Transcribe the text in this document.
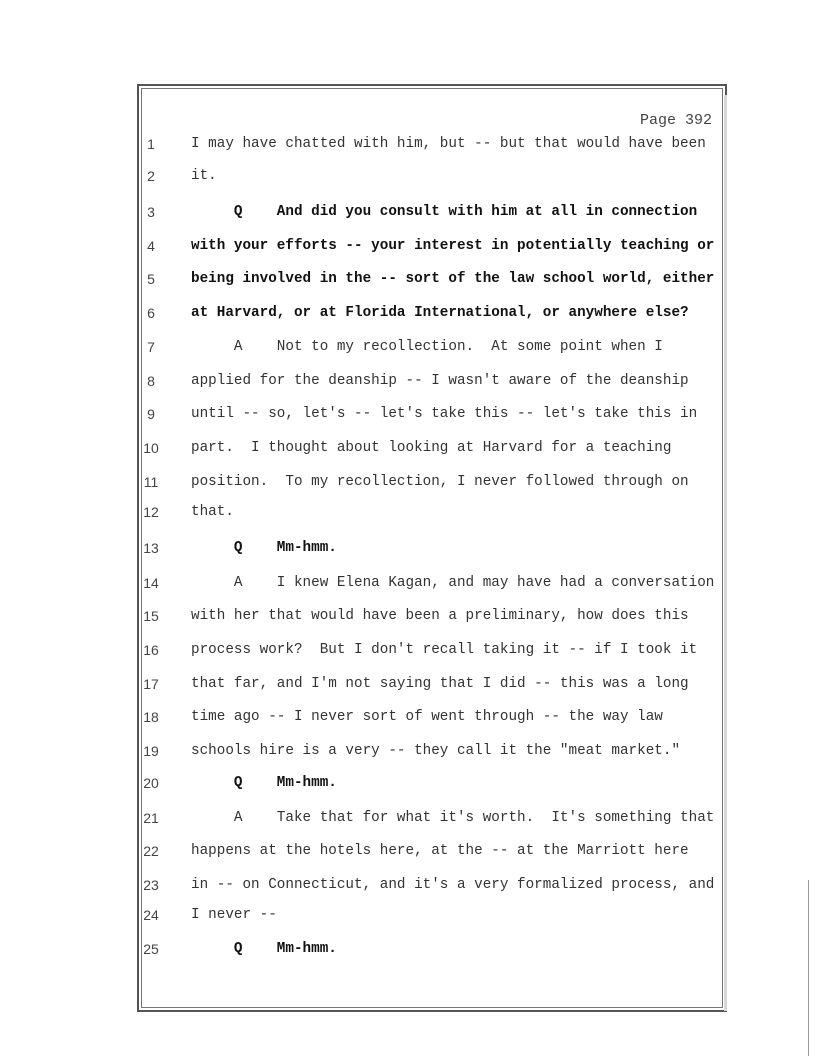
Page 392
1	I may have chatted with him, but -- but that would have been
2	it.
3	Q    And did you consult with him at all in connection
4	with your efforts -- your interest in potentially teaching or
5	being involved in the -- sort of the law school world, either
6	at Harvard, or at Florida International, or anywhere else?
7	A    Not to my recollection.  At some point when I
8	applied for the deanship -- I wasn't aware of the deanship
9	until -- so, let's -- let's take this -- let's take this in
10	part.  I thought about looking at Harvard for a teaching
11	position.  To my recollection, I never followed through on
12	that.
13	Q    Mm-hmm.
14	A    I knew Elena Kagan, and may have had a conversation
15	with her that would have been a preliminary, how does this
16	process work?  But I don't recall taking it -- if I took it
17	that far, and I'm not saying that I did -- this was a long
18	time ago -- I never sort of went through -- the way law
19	schools hire is a very -- they call it the "meat market."
20	Q    Mm-hmm.
21	A    Take that for what it's worth.  It's something that
22	happens at the hotels here, at the -- at the Marriott here
23	in -- on Connecticut, and it's a very formalized process, and
24	I never --
25	Q    Mm-hmm.
